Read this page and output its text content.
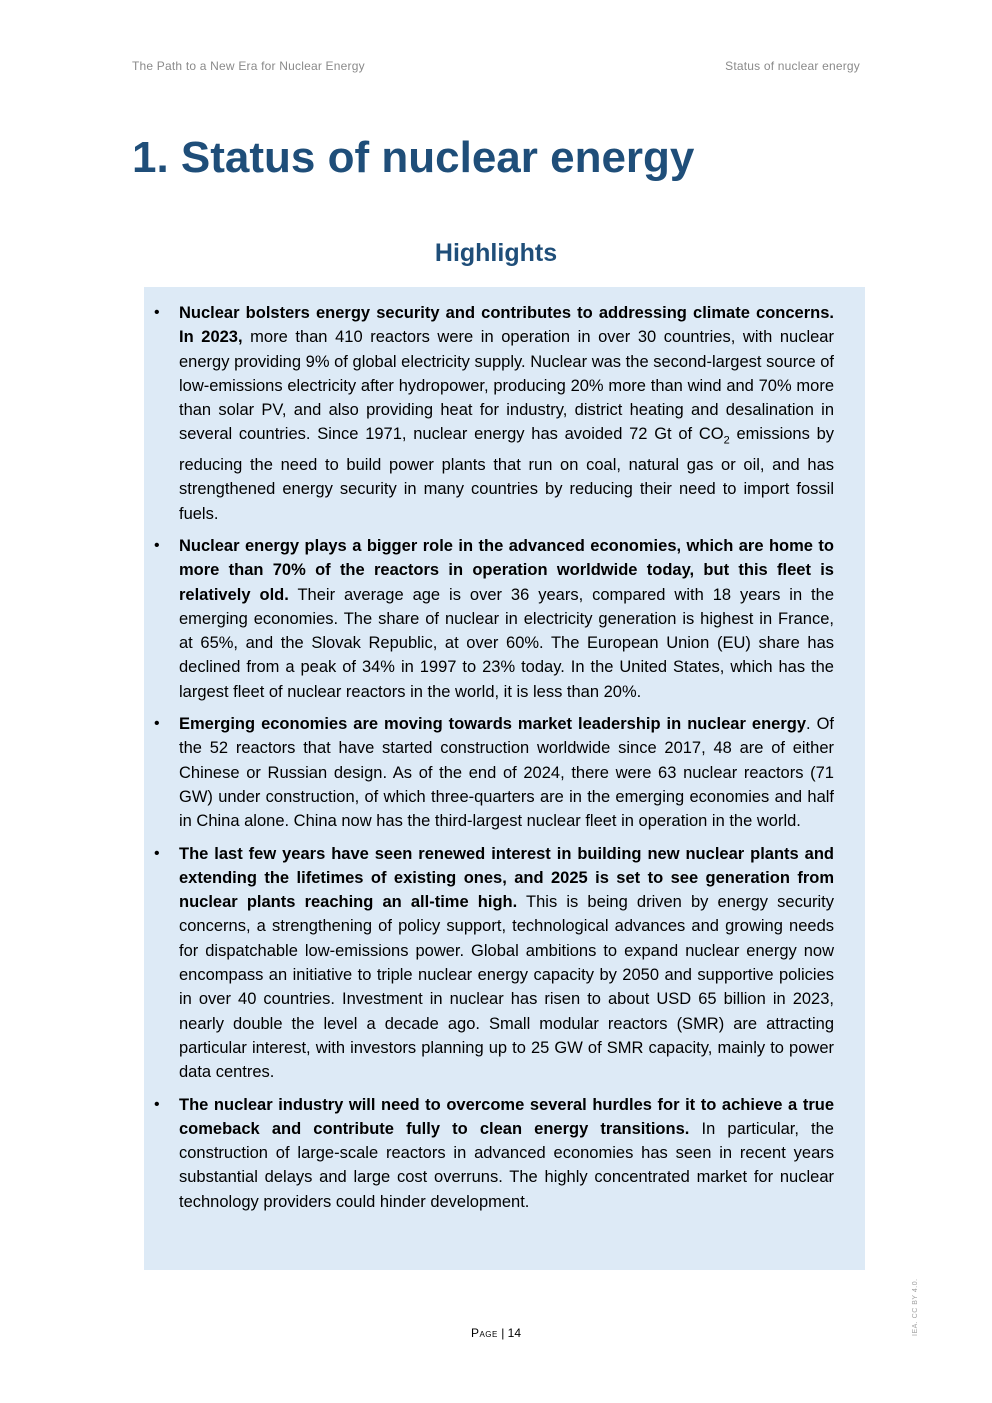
The Path to a New Era for Nuclear Energy	Status of nuclear energy
1. Status of nuclear energy
Highlights
• Nuclear bolsters energy security and contributes to addressing climate concerns. In 2023, more than 410 reactors were in operation in over 30 countries, with nuclear energy providing 9% of global electricity supply. Nuclear was the second-largest source of low-emissions electricity after hydropower, producing 20% more than wind and 70% more than solar PV, and also providing heat for industry, district heating and desalination in several countries. Since 1971, nuclear energy has avoided 72 Gt of $CO_2$ emissions by reducing the need to build power plants that run on coal, natural gas or oil, and has strengthened energy security in many countries by reducing their need to import fossil fuels.
• Nuclear energy plays a bigger role in the advanced economies, which are home to more than 70% of the reactors in operation worldwide today, but this fleet is relatively old. Their average age is over 36 years, compared with 18 years in the emerging economies. The share of nuclear in electricity generation is highest in France, at 65%, and the Slovak Republic, at over 60%. The European Union (EU) share has declined from a peak of 34% in 1997 to 23% today. In the United States, which has the largest fleet of nuclear reactors in the world, it is less than 20%.
• Emerging economies are moving towards market leadership in nuclear energy. Of the 52 reactors that have started construction worldwide since 2017, 48 are of either Chinese or Russian design. As of the end of 2024, there were 63 nuclear reactors (71 GW) under construction, of which three-quarters are in the emerging economies and half in China alone. China now has the third-largest nuclear fleet in operation in the world.
• The last few years have seen renewed interest in building new nuclear plants and extending the lifetimes of existing ones, and 2025 is set to see generation from nuclear plants reaching an all-time high. This is being driven by energy security concerns, a strengthening of policy support, technological advances and growing needs for dispatchable low-emissions power. Global ambitions to expand nuclear energy now encompass an initiative to triple nuclear energy capacity by 2050 and supportive policies in over 40 countries. Investment in nuclear has risen to about USD 65 billion in 2023, nearly double the level a decade ago. Small modular reactors (SMR) are attracting particular interest, with investors planning up to 25 GW of SMR capacity, mainly to power data centres.
• The nuclear industry will need to overcome several hurdles for it to achieve a true comeback and contribute fully to clean energy transitions. In particular, the construction of large-scale reactors in advanced economies has seen in recent years substantial delays and large cost overruns. The highly concentrated market for nuclear technology providers could hinder development.
Page | 14	IEA. CC BY 4.0.
